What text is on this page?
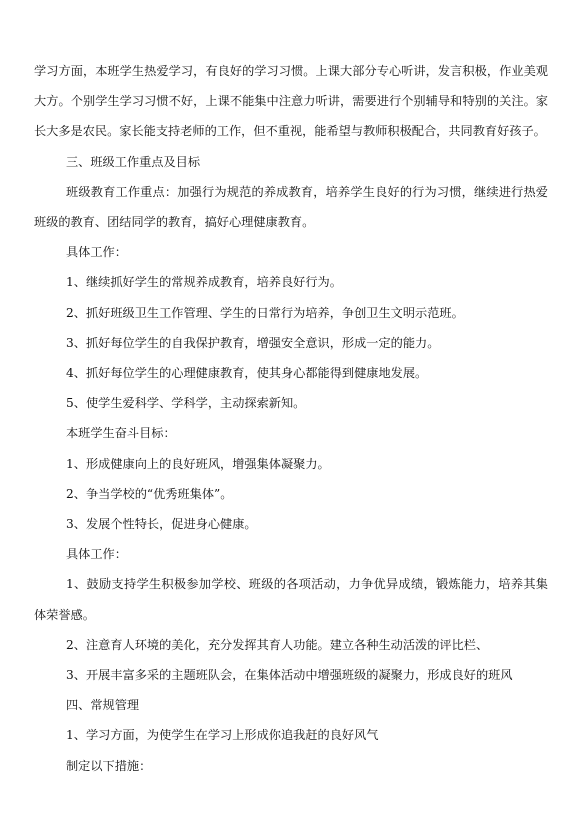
学习方面，本班学生热爱学习，有良好的学习习惯。上课大部分专心听讲，发言积极，作业美观大方。个别学生学习习惯不好，上课不能集中注意力听讲，需要进行个别辅导和特别的关注。家长大多是农民。家长能支持老师的工作，但不重视，能希望与教师积极配合，共同教育好孩子。

三、班级工作重点及目标

班级教育工作重点：加强行为规范的养成教育，培养学生良好的行为习惯，继续进行热爱班级的教育、团结同学的教育，搞好心理健康教育。

具体工作：

1、继续抓好学生的常规养成教育，培养良好行为。

2、抓好班级卫生工作管理、学生的日常行为培养，争创卫生文明示范班。

3、抓好每位学生的自我保护教育，增强安全意识，形成一定的能力。

4、抓好每位学生的心理健康教育，使其身心都能得到健康地发展。

5、使学生爱科学、学科学，主动探索新知。

本班学生奋斗目标：

1、形成健康向上的良好班风，增强集体凝聚力。

2、争当学校的“优秀班集体”。

3、发展个性特长，促进身心健康。

具体工作：

1、鼓励支持学生积极参加学校、班级的各项活动，力争优异成绩，锻炼能力，培养其集体荣誉感。

2、注意育人环境的美化，充分发挥其育人功能。建立各种生动活泼的评比栏、

3、开展丰富多采的主题班队会，在集体活动中增强班级的凝聚力，形成良好的班风

四、常规管理

1、学习方面，为使学生在学习上形成你追我赶的良好风气

制定以下措施：
